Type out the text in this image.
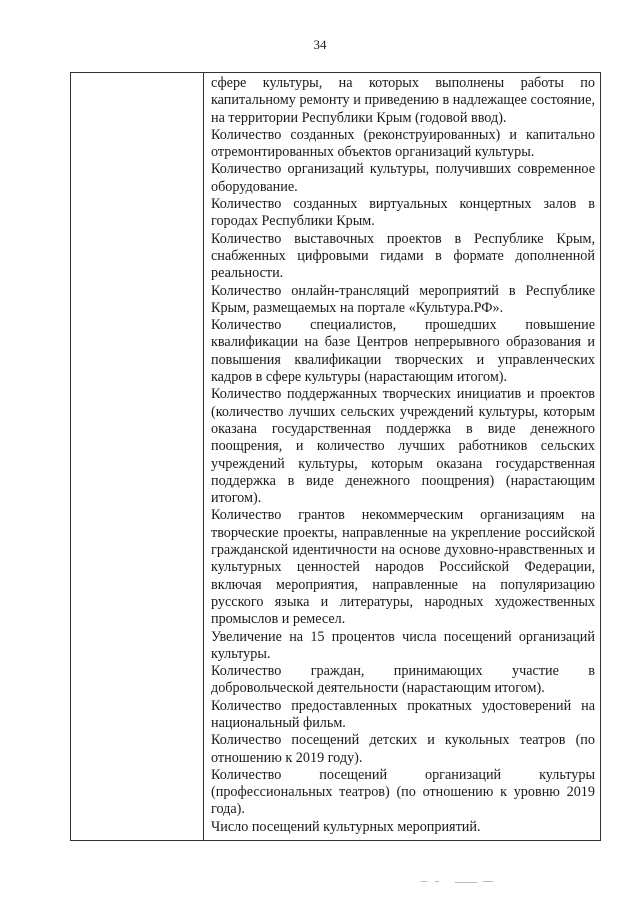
34

сфере культуры, на которых выполнены работы по капитальному ремонту и приведению в надлежащее состояние, на территории Республики Крым (годовой ввод).

Количество созданных (реконструированных) и капитально отремонтированных объектов организаций культуры.

Количество организаций культуры, получивших современное оборудование.

Количество созданных виртуальных концертных залов в городах Республики Крым.

Количество выставочных проектов в Республике Крым, снабженных цифровыми гидами в формате дополненной реальности.

Количество онлайн-трансляций мероприятий в Республике Крым, размещаемых на портале «Культура.РФ».

Количество специалистов, прошедших повышение квалификации на базе Центров непрерывного образования и повышения квалификации творческих и управленческих кадров в сфере культуры (нарастающим итогом).

Количество поддержанных творческих инициатив и проектов (количество лучших сельских учреждений культуры, которым оказана государственная поддержка в виде денежного поощрения, и количество лучших работников сельских учреждений культуры, которым оказана государственная поддержка в виде денежного поощрения) (нарастающим итогом).

Количество грантов некоммерческим организациям на творческие проекты, направленные на укрепление российской гражданской идентичности на основе духовно-нравственных и культурных ценностей народов Российской Федерации, включая мероприятия, направленные на популяризацию русского языка и литературы, народных художественных промыслов и ремесел.

Увеличение на 15 процентов числа посещений организаций культуры.

Количество граждан, принимающих участие в добровольческой деятельности (нарастающим итогом).

Количество предоставленных прокатных удостоверений на национальный фильм.

Количество посещений детских и кукольных театров (по отношению к 2019 году).

Количество посещений организаций культуры (профессиональных театров) (по отношению к уровню 2019 года).

Число посещений культурных мероприятий.
